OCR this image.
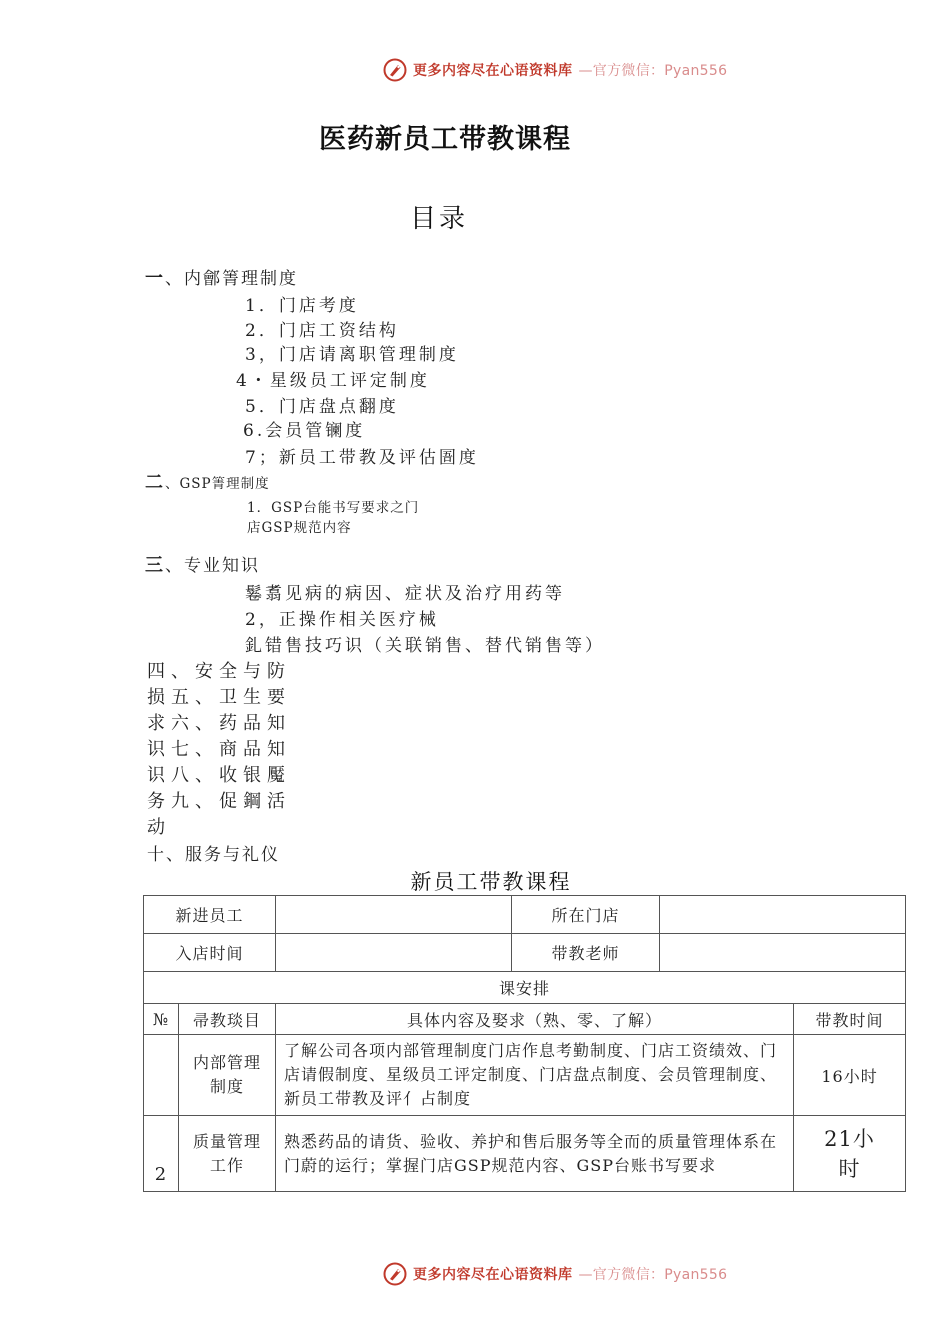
更多内容尽在心语资料库 —官方微信：Pyan556
医药新员工带教课程
目录
一、内鄶箐理制度
1．门店考度
2．门店工资结构
3，门店请离职管理制度
4・星级员工评定制度
5．门店盘点翻度
6.会员管镧度
7；新员工带教及评估圄度
二、GSP箐理制度
1．GSP台能书写要求之门
店GSP规范内容
三、专业知识
鬈翥见病的病因、症状及治疗用药等
2，正操作相关医疗械
釓错售技巧识（关联销售、替代销售等）
四、安全与防
损五、卫生要
求六、药品知
识七、商品知
识八、收银魘
务九、促鋼活
动
十、服务与礼仪
新员工带教课程
新进员工			所在门店		
入店时间			带教老师		
课安排					
№	帚教琰目	具体内容及娶求（熟、零、了解）			带教时间
	内部管理制度	了解公司各项内部管理制度门店作息考勤制度、门店工资绩效、门店请假制度、星级员工评定制度、门店盘点制度、会员管理制度、新员工带教及评亻占制度			16小时
2	质量管理工作	熟悉药品的请货、验收、养护和售后服务等全而的质量管理体系在门蔚的运行；掌握门店GSP规范内容、GSP台账书写要求			21小时
更多内容尽在心语资料库 —官方微信：Pyan556
